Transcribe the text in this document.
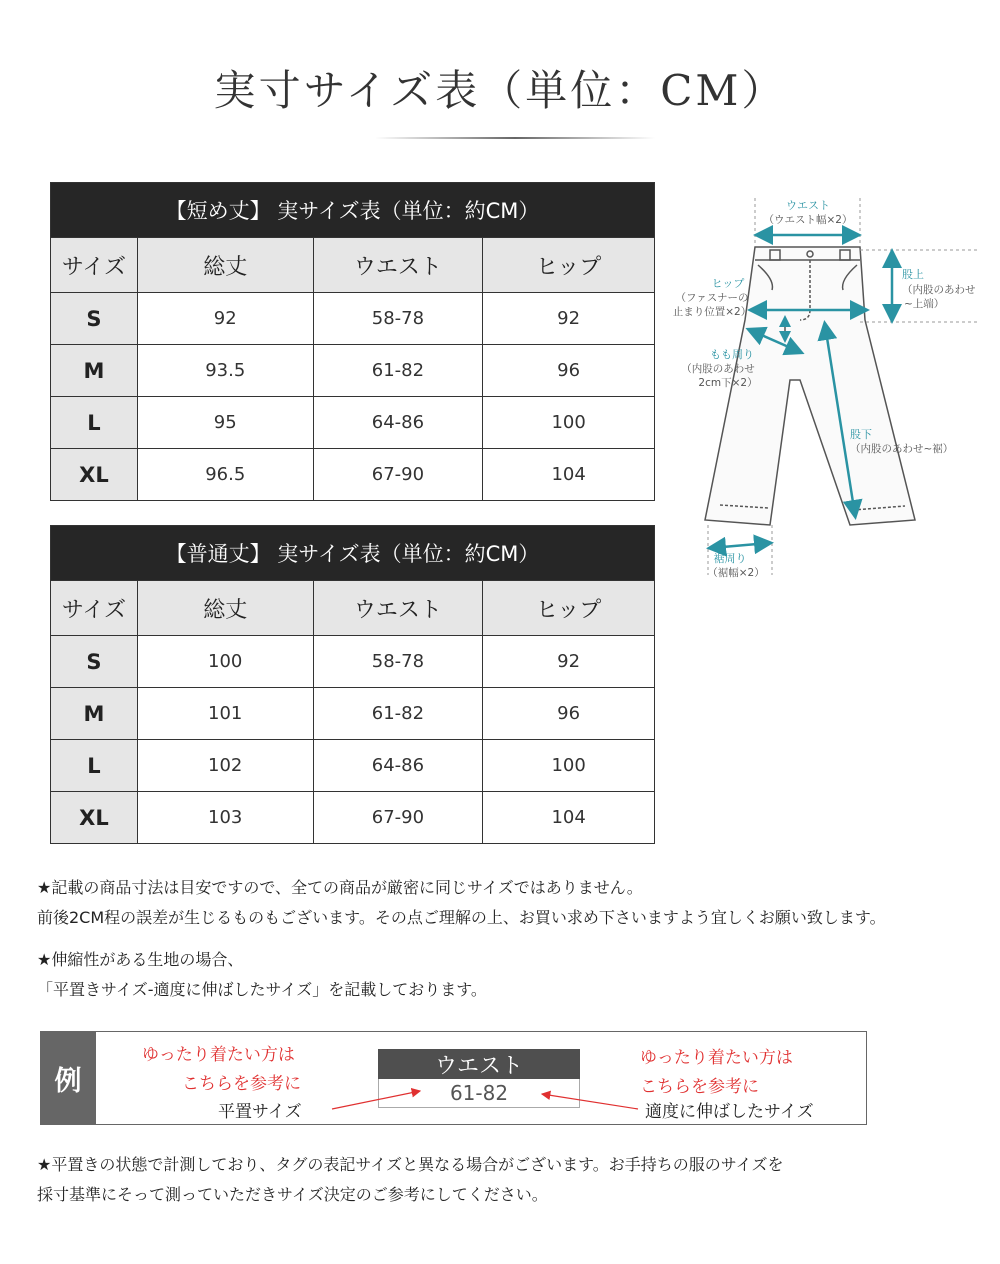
実寸サイズ表（単位：CM）
【短め丈】 実サイズ表（単位：約CM）			
サイズ	総丈	ウエスト	ヒップ
S	92	58-78	92
M	93.5	61-82	96
L	95	64-86	100
XL	96.5	67-90	104
【普通丈】 実サイズ表（単位：約CM）			
サイズ	総丈	ウエスト	ヒップ
S	100	58-78	92
M	101	61-82	96
L	102	64-86	100
XL	103	67-90	104
ウエスト
ヒップ
股上
もも周り
股下
裾周り
（ウエスト幅×2）
（ファスナーの
止まり位置×2）
（内股のあわせ
~上端）
（内股のあわせ
2cm下×2）
（内股のあわせ~裾）
（裾幅×2）
★記載の商品寸法は目安ですので、全ての商品が厳密に同じサイズではありません。
前後2CM程の誤差が生じるものもございます。その点ご理解の上、お買い求め下さいますよう宜しくお願い致します。
★伸縮性がある生地の場合、
「平置きサイズ-適度に伸ばしたサイズ」を記載しております。
例
ゆったり着たい方は
こちらを参考に
平置サイズ
ウエスト
61-82
ゆったり着たい方は
こちらを参考に
適度に伸ばしたサイズ
★平置きの状態で計測しており、タグの表記サイズと異なる場合がございます。お手持ちの服のサイズを
採寸基準にそって測っていただきサイズ決定のご参考にしてください。
